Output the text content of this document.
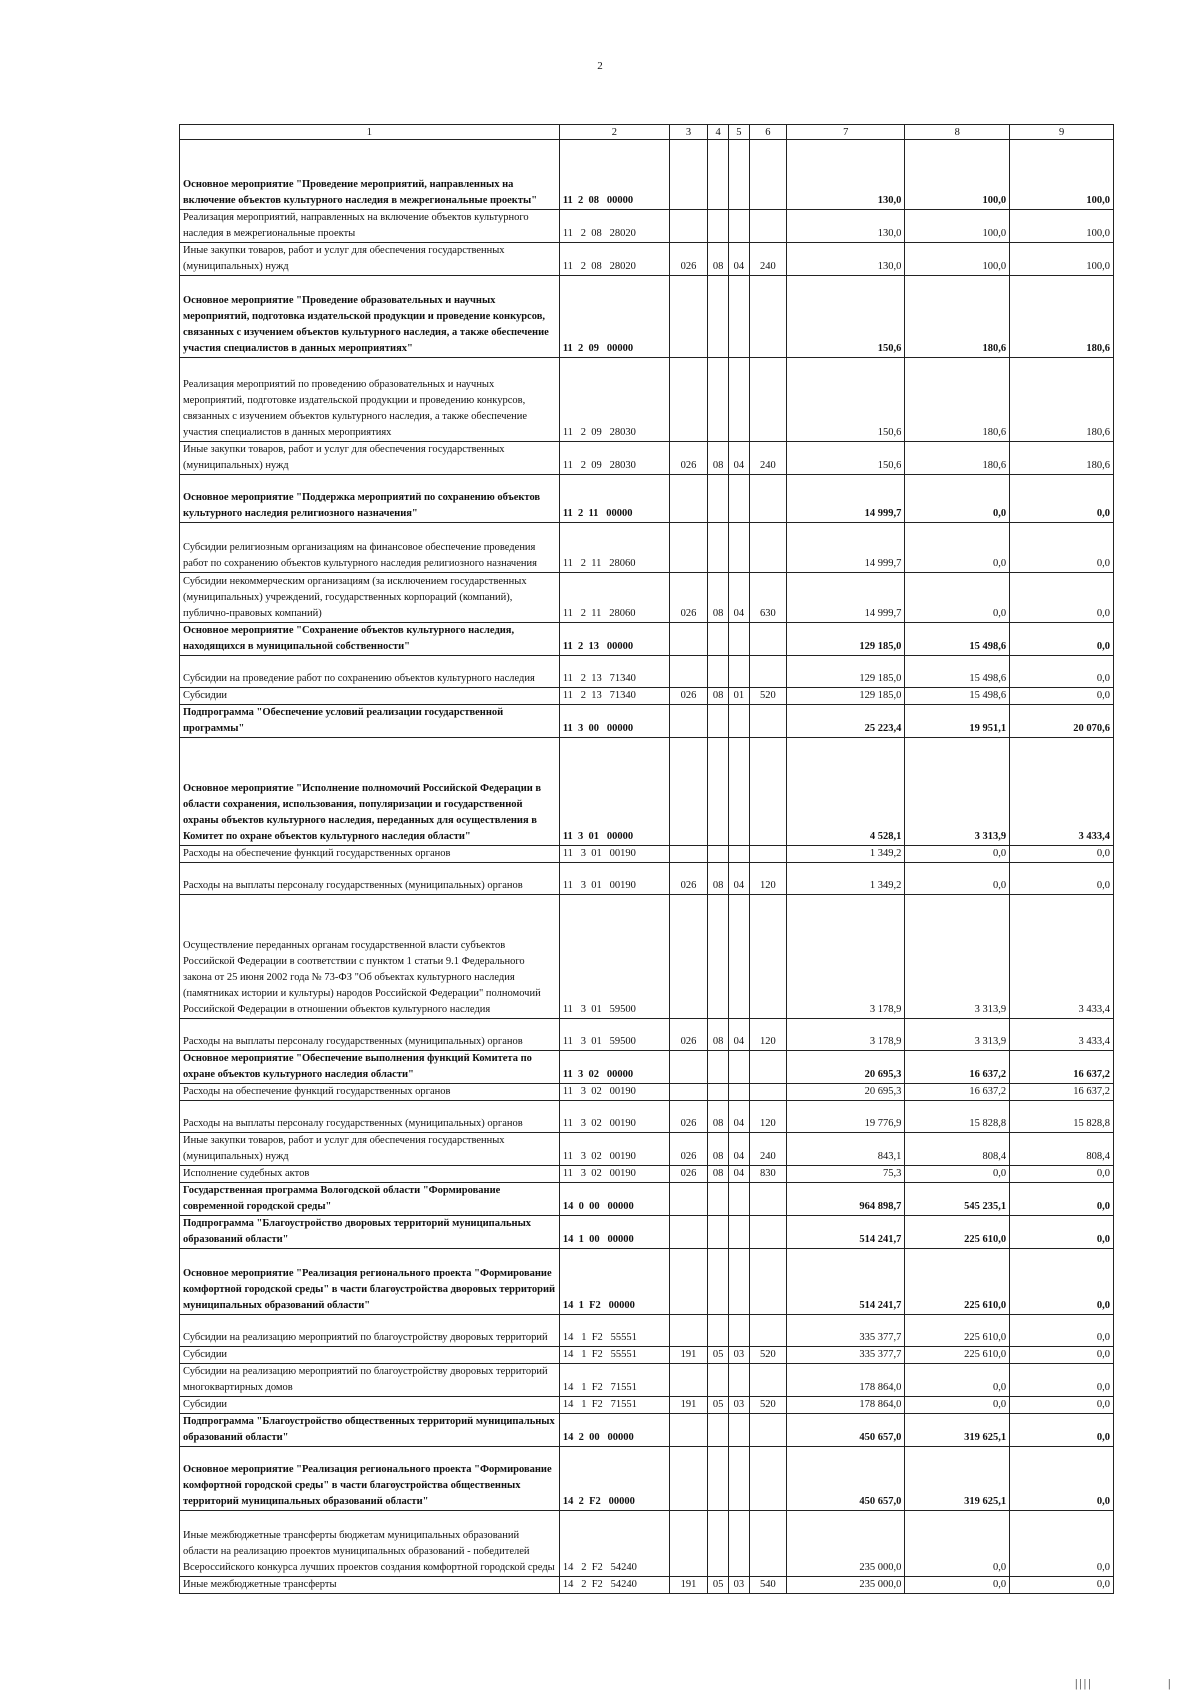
2
1	2	3	4	5	6	7	8	9
Основное мероприятие "Проведение мероприятий, направленных на включение объектов культурного наследия в межрегиональные проекты"	11  2  08   00000					130,0	100,0	100,0
Реализация мероприятий, направленных на включение объектов культурного наследия в межрегиональные проекты	11   2  08   28020					130,0	100,0	100,0
Иные закупки товаров, работ и услуг для обеспечения государственных (муниципальных) нужд	11   2  08   28020	026	08	04	240	130,0	100,0	100,0
Основное мероприятие "Проведение образовательных и научных мероприятий, подготовка издательской продукции и проведение конкурсов, связанных с изучением объектов культурного наследия, а также обеспечение участия специалистов в данных мероприятиях"	11  2  09   00000					150,6	180,6	180,6
Реализация мероприятий по проведению образовательных и научных мероприятий, подготовке издательской продукции и проведению конкурсов, связанных с изучением объектов культурного наследия, а также обеспечение участия специалистов в данных мероприятиях	11   2  09   28030					150,6	180,6	180,6
Иные закупки товаров, работ и услуг для обеспечения государственных (муниципальных) нужд	11   2  09   28030	026	08	04	240	150,6	180,6	180,6
Основное мероприятие "Поддержка мероприятий по сохранению объектов культурного наследия религиозного назначения"	11  2  11   00000					14 999,7	0,0	0,0
Субсидии религиозным организациям на финансовое обеспечение проведения работ по сохранению объектов культурного наследия религиозного назначения	11   2  11   28060					14 999,7	0,0	0,0
Субсидии некоммерческим организациям (за исключением государственных (муниципальных) учреждений, государственных корпораций (компаний), публично-правовых компаний)	11   2  11   28060	026	08	04	630	14 999,7	0,0	0,0
Основное мероприятие "Сохранение объектов культурного наследия, находящихся в муниципальной собственности"	11  2  13   00000					129 185,0	15 498,6	0,0
Субсидии на проведение работ по сохранению объектов культурного наследия	11   2  13   71340					129 185,0	15 498,6	0,0
Субсидии	11   2  13   71340	026	08	01	520	129 185,0	15 498,6	0,0
Подпрограмма "Обеспечение условий реализации государственной программы"	11  3  00   00000					25 223,4	19 951,1	20 070,6
Основное мероприятие "Исполнение полномочий Российской Федерации в области сохранения, использования, популяризации и государственной охраны объектов культурного наследия, переданных для осуществления в Комитет по охране объектов культурного наследия области"	11  3  01   00000					4 528,1	3 313,9	3 433,4
Расходы на обеспечение функций государственных органов	11   3  01   00190					1 349,2	0,0	0,0
Расходы на выплаты персоналу государственных (муниципальных) органов	11   3  01   00190	026	08	04	120	1 349,2	0,0	0,0
Осуществление переданных органам государственной власти субъектов Российской Федерации в соответствии с пунктом 1 статьи 9.1 Федерального закона от 25 июня 2002 года № 73-ФЗ "Об объектах культурного наследия (памятниках истории и культуры) народов Российской Федерации" полномочий Российской Федерации в отношении объектов культурного наследия	11   3  01   59500					3 178,9	3 313,9	3 433,4
Расходы на выплаты персоналу государственных (муниципальных) органов	11   3  01   59500	026	08	04	120	3 178,9	3 313,9	3 433,4
Основное мероприятие "Обеспечение выполнения функций Комитета по охране объектов культурного наследия области"	11  3  02   00000					20 695,3	16 637,2	16 637,2
Расходы на обеспечение функций государственных органов	11   3  02   00190					20 695,3	16 637,2	16 637,2
Расходы на выплаты персоналу государственных (муниципальных) органов	11   3  02   00190	026	08	04	120	19 776,9	15 828,8	15 828,8
Иные закупки товаров, работ и услуг для обеспечения государственных (муниципальных) нужд	11   3  02   00190	026	08	04	240	843,1	808,4	808,4
Исполнение судебных актов	11   3  02   00190	026	08	04	830	75,3	0,0	0,0
Государственная программа Вологодской области "Формирование современной городской среды"	14  0  00   00000					964 898,7	545 235,1	0,0
Подпрограмма "Благоустройство дворовых территорий муниципальных образований области"	14  1  00   00000					514 241,7	225 610,0	0,0
Основное мероприятие "Реализация регионального проекта "Формирование комфортной городской среды" в части благоустройства дворовых территорий муниципальных образований области"	14  1  F2   00000					514 241,7	225 610,0	0,0
Субсидии на реализацию мероприятий по благоустройству дворовых территорий	14   1  F2   55551					335 377,7	225 610,0	0,0
Субсидии	14   1  F2   55551	191	05	03	520	335 377,7	225 610,0	0,0
Субсидии на реализацию мероприятий по благоустройству дворовых территорий многоквартирных домов	14   1  F2   71551					178 864,0	0,0	0,0
Субсидии	14   1  F2   71551	191	05	03	520	178 864,0	0,0	0,0
Подпрограмма "Благоустройство общественных территорий муниципальных образований области"	14  2  00   00000					450 657,0	319 625,1	0,0
Основное мероприятие "Реализация регионального проекта "Формирование комфортной городской среды" в части благоустройства общественных территорий муниципальных образований области"	14  2  F2   00000					450 657,0	319 625,1	0,0
Иные межбюджетные трансферты бюджетам муниципальных образований области на реализацию проектов муниципальных образований - победителей Всероссийского конкурса лучших проектов создания комфортной городской среды	14   2  F2   54240					235 000,0	0,0	0,0
Иные межбюджетные трансферты	14   2  F2   54240	191	05	03	540	235 000,0	0,0	0,0
||||	|
